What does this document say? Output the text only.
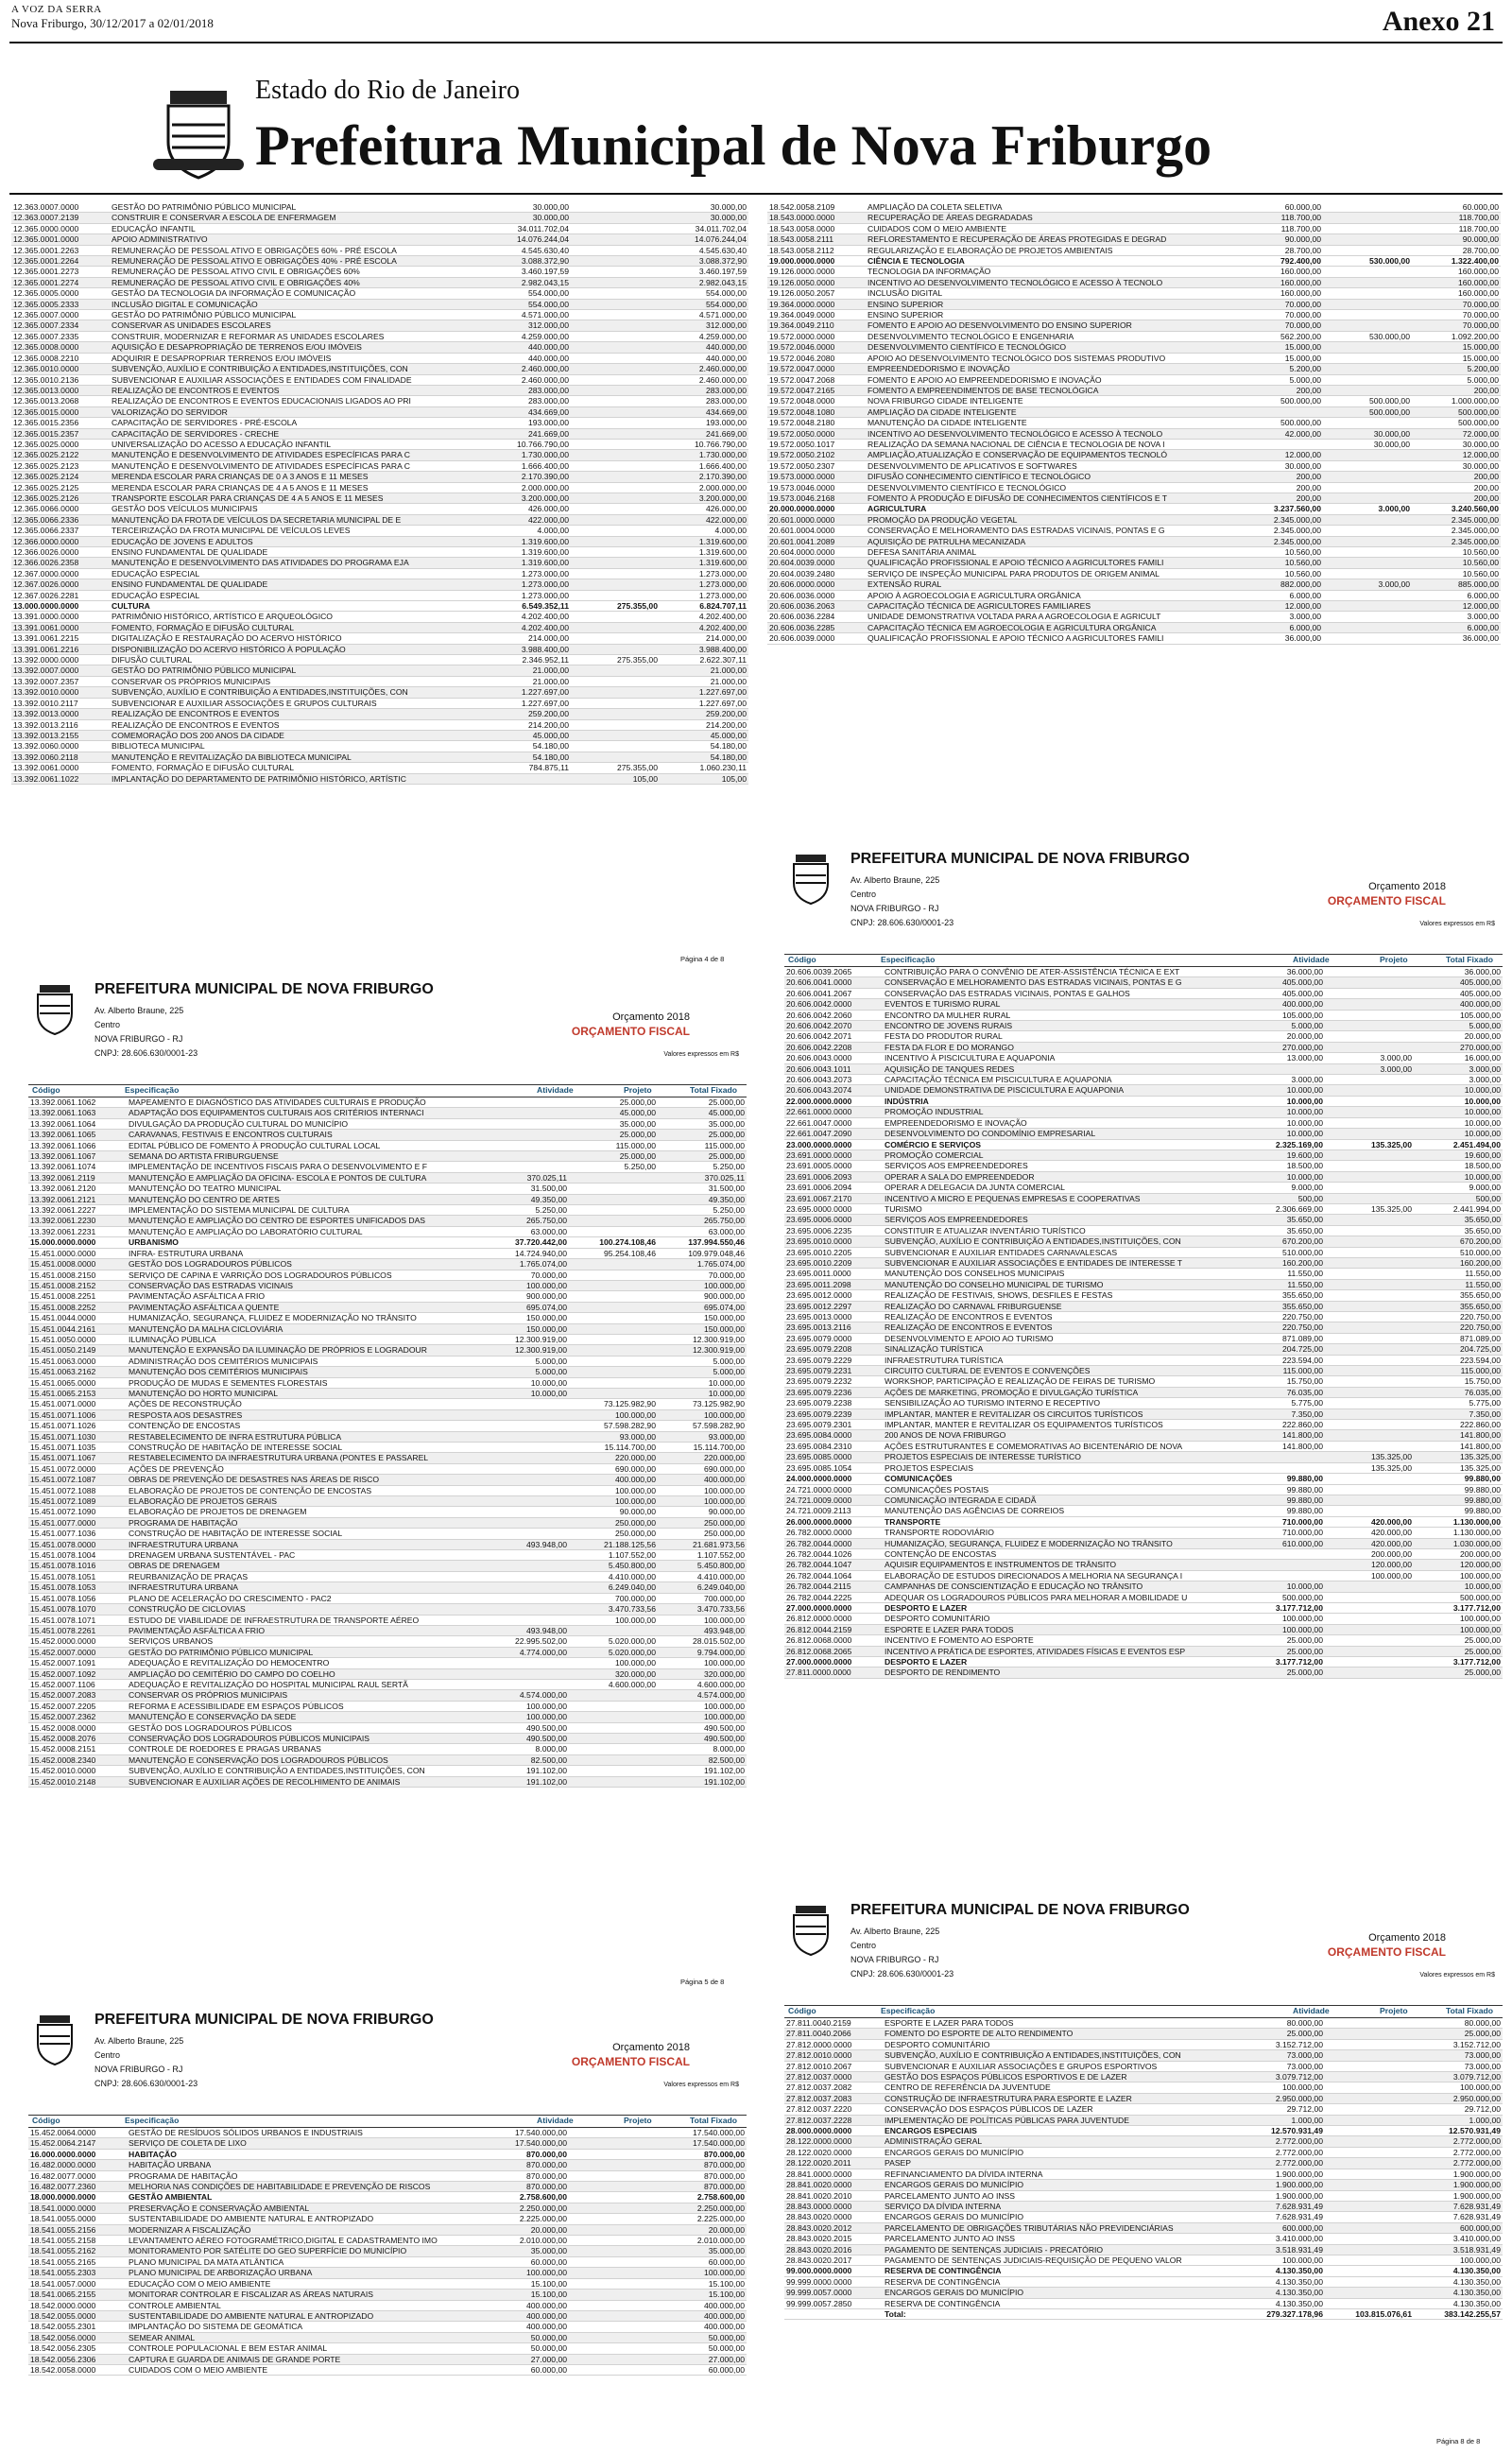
A VOZ DA SERRA
Nova Friburgo, 30/12/2017 a 02/01/2018	Anexo 21
Estado do Rio de Janeiro
Prefeitura Municipal de Nova Friburgo
12.363.0007.0000	GESTÃO DO PATRIMÔNIO PÚBLICO MUNICIPAL	30.000,00		30.000,00
12.363.0007.2139	CONSTRUIR E CONSERVAR A ESCOLA DE ENFERMAGEM	30.000,00		30.000,00
12.365.0000.0000	EDUCAÇÃO INFANTIL	34.011.702,04		34.011.702,04
12.365.0001.0000	APOIO ADMINISTRATIVO	14.076.244,04		14.076.244,04
12.365.0001.2263	REMUNERAÇÃO DE PESSOAL ATIVO E OBRIGAÇÕES 60% - PRÉ ESCOLA	4.545.630,40		4.545.630,40
12.365.0001.2264	REMUNERAÇÃO DE PESSOAL ATIVO E OBRIGAÇÕES 40% - PRÉ ESCOLA	3.088.372,90		3.088.372,90
12.365.0001.2273	REMUNERAÇÃO DE PESSOAL ATIVO CIVIL E OBRIGAÇÕES 60%	3.460.197,59		3.460.197,59
12.365.0001.2274	REMUNERAÇÃO DE PESSOAL ATIVO CIVIL E OBRIGAÇÕES 40%	2.982.043,15		2.982.043,15
12.365.0005.0000	GESTÃO DA TECNOLOGIA DA INFORMAÇÃO E COMUNICAÇÃO	554.000,00		554.000,00
12.365.0005.2333	INCLUSÃO DIGITAL E COMUNICAÇÃO	554.000,00		554.000,00
12.365.0007.0000	GESTÃO DO PATRIMÔNIO PÚBLICO MUNICIPAL	4.571.000,00		4.571.000,00
12.365.0007.2334	CONSERVAR AS UNIDADES ESCOLARES	312.000,00		312.000,00
12.365.0007.2335	CONSTRUIR, MODERNIZAR E REFORMAR AS UNIDADES ESCOLARES	4.259.000,00		4.259.000,00
12.365.0008.0000	AQUISIÇÃO E DESAPROPRIAÇÃO DE TERRENOS E/OU IMÓVEIS	440.000,00		440.000,00
12.365.0008.2210	ADQUIRIR E DESAPROPRIAR TERRENOS E/OU IMÓVEIS	440.000,00		440.000,00
12.365.0010.0000	SUBVENÇÃO, AUXÍLIO E CONTRIBUIÇÃO A ENTIDADES,INSTITUIÇÕES, CON	2.460.000,00		2.460.000,00
12.365.0010.2136	SUBVENCIONAR E AUXILIAR ASSOCIAÇÕES E ENTIDADES COM FINALIDADE	2.460.000,00		2.460.000,00
12.365.0013.0000	REALIZAÇÃO DE ENCONTROS E EVENTOS	283.000,00		283.000,00
12.365.0013.2068	REALIZAÇÃO DE ENCONTROS E EVENTOS EDUCACIONAIS LIGADOS AO PRI	283.000,00		283.000,00
12.365.0015.0000	VALORIZAÇÃO DO SERVIDOR	434.669,00		434.669,00
12.365.0015.2356	CAPACITAÇÃO DE SERVIDORES - PRÉ-ESCOLA	193.000,00		193.000,00
12.365.0015.2357	CAPACITAÇÃO DE SERVIDORES - CRECHE	241.669,00		241.669,00
12.365.0025.0000	UNIVERSALIZAÇÃO DO ACESSO A EDUCAÇÃO INFANTIL	10.766.790,00		10.766.790,00
12.365.0025.2122	MANUTENÇÃO E DESENVOLVIMENTO DE ATIVIDADES ESPECÍFICAS PARA C	1.730.000,00		1.730.000,00
12.365.0025.2123	MANUTENÇÃO E DESENVOLVIMENTO DE ATIVIDADES ESPECÍFICAS PARA C	1.666.400,00		1.666.400,00
12.365.0025.2124	MERENDA ESCOLAR PARA CRIANÇAS DE 0 A 3 ANOS E 11 MESES	2.170.390,00		2.170.390,00
12.365.0025.2125	MERENDA ESCOLAR PARA CRIANÇAS DE 4 A 5 ANOS E 11 MESES	2.000.000,00		2.000.000,00
12.365.0025.2126	TRANSPORTE ESCOLAR PARA CRIANÇAS DE 4 A 5 ANOS E 11 MESES	3.200.000,00		3.200.000,00
12.365.0066.0000	GESTÃO DOS VEÍCULOS MUNICIPAIS	426.000,00		426.000,00
12.365.0066.2336	MANUTENÇÃO DA FROTA DE VEÍCULOS DA SECRETARIA MUNICIPAL DE E	422.000,00		422.000,00
12.365.0066.2337	TERCEIRIZAÇÃO DA FROTA MUNICIPAL DE VEÍCULOS LEVES	4.000,00		4.000,00
12.366.0000.0000	EDUCAÇÃO DE JOVENS E ADULTOS	1.319.600,00		1.319.600,00
12.366.0026.0000	ENSINO FUNDAMENTAL DE QUALIDADE	1.319.600,00		1.319.600,00
12.366.0026.2358	MANUTENÇÃO E DESENVOLVIMENTO DAS ATIVIDADES DO PROGRAMA EJA	1.319.600,00		1.319.600,00
12.367.0000.0000	EDUCAÇÃO ESPECIAL	1.273.000,00		1.273.000,00
12.367.0026.0000	ENSINO FUNDAMENTAL DE QUALIDADE	1.273.000,00		1.273.000,00
12.367.0026.2281	EDUCAÇÃO ESPECIAL	1.273.000,00		1.273.000,00
13.000.0000.0000	CULTURA	6.549.352,11	275.355,00	6.824.707,11
13.391.0000.0000	PATRIMÔNIO HISTÓRICO, ARTÍSTICO E ARQUEOLÓGICO	4.202.400,00		4.202.400,00
13.391.0061.0000	FOMENTO, FORMAÇÃO E DIFUSÃO CULTURAL	4.202.400,00		4.202.400,00
13.391.0061.2215	DIGITALIZAÇÃO E RESTAURAÇÃO DO ACERVO HISTÓRICO	214.000,00		214.000,00
13.391.0061.2216	DISPONIBILIZAÇÃO DO ACERVO HISTÓRICO À POPULAÇÃO	3.988.400,00		3.988.400,00
13.392.0000.0000	DIFUSÃO CULTURAL	2.346.952,11	275.355,00	2.622.307,11
13.392.0007.0000	GESTÃO DO PATRIMÔNIO PÚBLICO MUNICIPAL	21.000,00		21.000,00
13.392.0007.2357	CONSERVAR OS PRÓPRIOS MUNICIPAIS	21.000,00		21.000,00
13.392.0010.0000	SUBVENÇÃO, AUXÍLIO E CONTRIBUIÇÃO A ENTIDADES,INSTITUIÇÕES, CON	1.227.697,00		1.227.697,00
13.392.0010.2117	SUBVENCIONAR E AUXILIAR ASSOCIAÇÕES E GRUPOS CULTURAIS	1.227.697,00		1.227.697,00
13.392.0013.0000	REALIZAÇÃO DE ENCONTROS E EVENTOS	259.200,00		259.200,00
13.392.0013.2116	REALIZAÇÃO DE ENCONTROS E EVENTOS	214.200,00		214.200,00
13.392.0013.2155	COMEMORAÇÃO DOS 200 ANOS DA CIDADE	45.000,00		45.000,00
13.392.0060.0000	BIBLIOTECA MUNICIPAL	54.180,00		54.180,00
13.392.0060.2118	MANUTENÇÃO E REVITALIZAÇÃO DA BIBLIOTECA MUNICIPAL	54.180,00		54.180,00
13.392.0061.0000	FOMENTO, FORMAÇÃO E DIFUSÃO CULTURAL	784.875,11	275.355,00	1.060.230,11
13.392.0061.1022	IMPLANTAÇÃO DO DEPARTAMENTO DE PATRIMÔNIO HISTÓRICO, ARTÍSTIC		105,00	105,00
Página 4 de 8
PREFEITURA MUNICIPAL DE NOVA FRIBURGO
Av. Alberto Braune, 225
Centro
NOVA FRIBURGO - RJ
CNPJ: 28.606.630/0001-23
Orçamento 2018
ORÇAMENTO FISCAL
Valores expressos em R$
Código	Especificação	Atividade	Projeto	Total Fixado
13.392.0061.1062	MAPEAMENTO E DIAGNÓSTICO DAS ATIVIDADES CULTURAIS E PRODUÇÃO		25.000,00	25.000,00
13.392.0061.1063	ADAPTAÇÃO DOS EQUIPAMENTOS CULTURAIS AOS CRITÉRIOS INTERNACI		45.000,00	45.000,00
13.392.0061.1064	DIVULGAÇÃO DA PRODUÇÃO CULTURAL DO MUNICÍPIO		35.000,00	35.000,00
13.392.0061.1065	CARAVANAS, FESTIVAIS E ENCONTROS CULTURAIS		25.000,00	25.000,00
13.392.0061.1066	EDITAL PÚBLICO DE FOMENTO À PRODUÇÃO CULTURAL LOCAL		115.000,00	115.000,00
13.392.0061.1067	SEMANA DO ARTISTA FRIBURGUENSE		25.000,00	25.000,00
13.392.0061.1074	IMPLEMENTAÇÃO DE INCENTIVOS FISCAIS PARA O DESENVOLVIMENTO E F		5.250,00	5.250,00
13.392.0061.2119	MANUTENÇÃO E AMPLIAÇÃO DA OFICINA- ESCOLA E PONTOS DE CULTURA	370.025,11		370.025,11
13.392.0061.2120	MANUTENÇÃO DO TEATRO MUNICIPAL	31.500,00		31.500,00
13.392.0061.2121	MANUTENÇÃO DO CENTRO DE ARTES	49.350,00		49.350,00
13.392.0061.2227	IMPLEMENTAÇÃO DO SISTEMA MUNICIPAL DE CULTURA	5.250,00		5.250,00
13.392.0061.2230	MANUTENÇÃO E AMPLIAÇÃO DO CENTRO DE ESPORTES UNIFICADOS DAS	265.750,00		265.750,00
13.392.0061.2231	MANUTENÇÃO E AMPLIAÇÃO DO LABORATÓRIO CULTURAL	63.000,00		63.000,00
15.000.0000.0000	URBANISMO	37.720.442,00	100.274.108,46	137.994.550,46
15.451.0000.0000	INFRA- ESTRUTURA URBANA	14.724.940,00	95.254.108,46	109.979.048,46
15.451.0008.0000	GESTÃO DOS LOGRADOUROS PÚBLICOS	1.765.074,00		1.765.074,00
15.451.0008.2150	SERVIÇO DE CAPINA E VARRIÇÃO DOS LOGRADOUROS PÚBLICOS	70.000,00		70.000,00
15.451.0008.2152	CONSERVAÇÃO DAS ESTRADAS VICINAIS	100.000,00		100.000,00
15.451.0008.2251	PAVIMENTAÇÃO ASFÁLTICA A FRIO	900.000,00		900.000,00
15.451.0008.2252	PAVIMENTAÇÃO ASFÁLTICA A QUENTE	695.074,00		695.074,00
15.451.0044.0000	HUMANIZAÇÃO, SEGURANÇA, FLUIDEZ E MODERNIZAÇÃO NO TRÂNSITO	150.000,00		150.000,00
15.451.0044.2161	MANUTENÇÃO DA MALHA CICLOVIÁRIA	150.000,00		150.000,00
15.451.0050.0000	ILUMINAÇÃO PÚBLICA	12.300.919,00		12.300.919,00
15.451.0050.2149	MANUTENÇÃO E EXPANSÃO DA ILUMINAÇÃO DE PRÓPRIOS E LOGRADOUR	12.300.919,00		12.300.919,00
15.451.0063.0000	ADMINISTRAÇÃO DOS CEMITÉRIOS MUNICIPAIS	5.000,00		5.000,00
15.451.0063.2162	MANUTENÇÃO DOS CEMITÉRIOS MUNICIPAIS	5.000,00		5.000,00
15.451.0065.0000	PRODUÇÃO DE MUDAS E SEMENTES FLORESTAIS	10.000,00		10.000,00
15.451.0065.2153	MANUTENÇÃO DO HORTO MUNICIPAL	10.000,00		10.000,00
15.451.0071.0000	AÇÕES DE RECONSTRUÇÃO		73.125.982,90	73.125.982,90
15.451.0071.1006	RESPOSTA AOS DESASTRES		100.000,00	100.000,00
15.451.0071.1026	CONTENÇÃO DE ENCOSTAS		57.598.282,90	57.598.282,90
15.451.0071.1030	RESTABELECIMENTO DE INFRA ESTRUTURA PÚBLICA		93.000,00	93.000,00
15.451.0071.1035	CONSTRUÇÃO DE HABITAÇÃO DE INTERESSE SOCIAL		15.114.700,00	15.114.700,00
15.451.0071.1067	RESTABELECIMENTO DA INFRAESTRUTURA URBANA (PONTES E PASSAREL		220.000,00	220.000,00
15.451.0072.0000	AÇÕES DE PREVENÇÃO		690.000,00	690.000,00
15.451.0072.1087	OBRAS DE PREVENÇÃO DE DESASTRES NAS ÁREAS DE RISCO		400.000,00	400.000,00
15.451.0072.1088	ELABORAÇÃO DE PROJETOS DE CONTENÇÃO DE ENCOSTAS		100.000,00	100.000,00
15.451.0072.1089	ELABORAÇÃO DE PROJETOS GERAIS		100.000,00	100.000,00
15.451.0072.1090	ELABORAÇÃO DE PROJETOS DE DRENAGEM		90.000,00	90.000,00
15.451.0077.0000	PROGRAMA DE HABITAÇÃO		250.000,00	250.000,00
15.451.0077.1036	CONSTRUÇÃO DE HABITAÇÃO DE INTERESSE SOCIAL		250.000,00	250.000,00
15.451.0078.0000	INFRAESTRUTURA URBANA	493.948,00	21.188.125,56	21.681.973,56
15.451.0078.1004	DRENAGEM URBANA SUSTENTÁVEL - PAC		1.107.552,00	1.107.552,00
15.451.0078.1016	OBRAS DE DRENAGEM		5.450.800,00	5.450.800,00
15.451.0078.1051	REURBANIZAÇÃO DE PRAÇAS		4.410.000,00	4.410.000,00
15.451.0078.1053	INFRAESTRUTURA URBANA		6.249.040,00	6.249.040,00
15.451.0078.1056	PLANO DE ACELERAÇÃO DO CRESCIMENTO - PAC2		700.000,00	700.000,00
15.451.0078.1070	CONSTRUÇÃO DE CICLOVIAS		3.470.733,56	3.470.733,56
15.451.0078.1071	ESTUDO DE VIABILIDADE DE INFRAESTRUTURA DE TRANSPORTE AÉREO		100.000,00	100.000,00
15.451.0078.2261	PAVIMENTAÇÃO ASFÁLTICA A FRIO	493.948,00		493.948,00
15.452.0000.0000	SERVIÇOS URBANOS	22.995.502,00	5.020.000,00	28.015.502,00
15.452.0007.0000	GESTÃO DO PATRIMÔNIO PÚBLICO MUNICIPAL	4.774.000,00	5.020.000,00	9.794.000,00
15.452.0007.1091	ADEQUAÇÃO E REVITALIZAÇÃO DO HEMOCENTRO		100.000,00	100.000,00
15.452.0007.1092	AMPLIAÇÃO DO CEMITÉRIO DO CAMPO DO COELHO		320.000,00	320.000,00
15.452.0007.1106	ADEQUAÇÃO E REVITALIZAÇÃO DO HOSPITAL MUNICIPAL RAUL SERTÃ		4.600.000,00	4.600.000,00
15.452.0007.2083	CONSERVAR OS PRÓPRIOS MUNICIPAIS	4.574.000,00		4.574.000,00
15.452.0007.2205	REFORMA E ACESSIBILIDADE EM ESPAÇOS PÚBLICOS	100.000,00		100.000,00
15.452.0007.2362	MANUTENÇÃO E CONSERVAÇÃO DA SEDE	100.000,00		100.000,00
15.452.0008.0000	GESTÃO DOS LOGRADOUROS PÚBLICOS	490.500,00		490.500,00
15.452.0008.2076	CONSERVAÇÃO DOS LOGRADOUROS PÚBLICOS MUNICIPAIS	490.500,00		490.500,00
15.452.0008.2151	CONTROLE DE ROEDORES E PRAGAS URBANAS	8.000,00		8.000,00
15.452.0008.2340	MANUTENÇÃO E CONSERVAÇÃO DOS LOGRADOUROS PÚBLICOS	82.500,00		82.500,00
15.452.0010.0000	SUBVENÇÃO, AUXÍLIO E CONTRIBUIÇÃO A ENTIDADES,INSTITUIÇÕES, CON	191.102,00		191.102,00
15.452.0010.2148	SUBVENCIONAR E AUXILIAR AÇÕES DE RECOLHIMENTO DE ANIMAIS	191.102,00		191.102,00
Página 5 de 8
PREFEITURA MUNICIPAL DE NOVA FRIBURGO
Av. Alberto Braune, 225
Centro
NOVA FRIBURGO - RJ
CNPJ: 28.606.630/0001-23
Orçamento 2018
ORÇAMENTO FISCAL
Valores expressos em R$
Código	Especificação	Atividade	Projeto	Total Fixado
15.452.0064.0000	GESTÃO DE RESÍDUOS SÓLIDOS URBANOS E INDUSTRIAIS	17.540.000,00		17.540.000,00
15.452.0064.2147	SERVIÇO DE COLETA DE LIXO	17.540.000,00		17.540.000,00
16.000.0000.0000	HABITAÇÃO	870.000,00		870.000,00
16.482.0000.0000	HABITAÇÃO URBANA	870.000,00		870.000,00
16.482.0077.0000	PROGRAMA DE HABITAÇÃO	870.000,00		870.000,00
16.482.0077.2360	MELHORIA NAS CONDIÇÕES DE HABITABILIDADE E PREVENÇÃO DE RISCOS	870.000,00		870.000,00
18.000.0000.0000	GESTÃO AMBIENTAL	2.758.600,00		2.758.600,00
18.541.0000.0000	PRESERVAÇÃO E CONSERVAÇÃO AMBIENTAL	2.250.000,00		2.250.000,00
18.541.0055.0000	SUSTENTABILIDADE DO AMBIENTE NATURAL E ANTROPIZADO	2.225.000,00		2.225.000,00
18.541.0055.2156	MODERNIZAR A FISCALIZAÇÃO	20.000,00		20.000,00
18.541.0055.2158	LEVANTAMENTO AÉREO FOTOGRAMÉTRICO,DIGITAL E CADASTRAMENTO IMO	2.010.000,00		2.010.000,00
18.541.0055.2162	MONITORAMENTO POR SATÉLITE DO GEO SUPERFÍCIE DO MUNICÍPIO	35.000,00		35.000,00
18.541.0055.2165	PLANO MUNICIPAL DA MATA ATLÂNTICA	60.000,00		60.000,00
18.541.0055.2303	PLANO MUNICIPAL DE ARBORIZAÇÃO URBANA	100.000,00		100.000,00
18.541.0057.0000	EDUCAÇÃO COM O MEIO AMBIENTE	15.100,00		15.100,00
18.541.0065.2155	MONITORAR CONTROLAR E FISCALIZAR AS ÁREAS NATURAIS	15.100,00		15.100,00
18.542.0000.0000	CONTROLE AMBIENTAL	400.000,00		400.000,00
18.542.0055.0000	SUSTENTABILIDADE DO AMBIENTE NATURAL E ANTROPIZADO	400.000,00		400.000,00
18.542.0055.2301	IMPLANTAÇÃO DO SISTEMA DE GEOMÁTICA	400.000,00		400.000,00
18.542.0056.0000	SEMEAR ANIMAL	50.000,00		50.000,00
18.542.0056.2305	CONTROLE POPULACIONAL E BEM ESTAR ANIMAL	50.000,00		50.000,00
18.542.0056.2306	CAPTURA E GUARDA DE ANIMAIS DE GRANDE PORTE	27.000,00		27.000,00
18.542.0058.0000	CUIDADOS COM O MEIO AMBIENTE	60.000,00		60.000,00
18.542.0058.2109	AMPLIAÇÃO DA COLETA SELETIVA	60.000,00		60.000,00
18.543.0000.0000	RECUPERAÇÃO DE ÁREAS DEGRADADAS	118.700,00		118.700,00
18.543.0058.0000	CUIDADOS COM O MEIO AMBIENTE	118.700,00		118.700,00
18.543.0058.2111	REFLORESTAMENTO E RECUPERAÇÃO DE ÁREAS PROTEGIDAS E DEGRAD	90.000,00		90.000,00
18.543.0058.2112	REGULARIZAÇÃO E ELABORAÇÃO DE PROJETOS AMBIENTAIS	28.700,00		28.700,00
19.000.0000.0000	CIÊNCIA E TECNOLOGIA	792.400,00	530.000,00	1.322.400,00
19.126.0000.0000	TECNOLOGIA DA INFORMAÇÃO	160.000,00		160.000,00
19.126.0050.0000	INCENTIVO AO DESENVOLVIMENTO TECNOLÓGICO E ACESSO À TECNOLO	160.000,00		160.000,00
19.126.0050.2057	INCLUSÃO DIGITAL	160.000,00		160.000,00
19.364.0000.0000	ENSINO SUPERIOR	70.000,00		70.000,00
19.364.0049.0000	ENSINO SUPERIOR	70.000,00		70.000,00
19.364.0049.2110	FOMENTO E APOIO AO DESENVOLVIMENTO DO ENSINO SUPERIOR	70.000,00		70.000,00
19.572.0000.0000	DESENVOLVIMENTO TECNOLÓGICO E ENGENHARIA	562.200,00	530.000,00	1.092.200,00
19.572.0046.0000	DESENVOLVIMENTO CIENTÍFICO E TECNOLÓGICO	15.000,00		15.000,00
19.572.0046.2080	APOIO AO DESENVOLVIMENTO TECNOLÓGICO DOS SISTEMAS PRODUTIVO	15.000,00		15.000,00
19.572.0047.0000	EMPREENDEDORISMO E INOVAÇÃO	5.200,00		5.200,00
19.572.0047.2068	FOMENTO E APOIO AO EMPREENDEDORISMO E INOVAÇÃO	5.000,00		5.000,00
19.572.0047.2165	FOMENTO A EMPREENDIMENTOS DE BASE TECNOLÓGICA	200,00		200,00
19.572.0048.0000	NOVA FRIBURGO CIDADE INTELIGENTE	500.000,00	500.000,00	1.000.000,00
19.572.0048.1080	AMPLIAÇÃO DA CIDADE INTELIGENTE		500.000,00	500.000,00
19.572.0048.2180	MANUTENÇÃO DA CIDADE INTELIGENTE	500.000,00		500.000,00
19.572.0050.0000	INCENTIVO AO DESENVOLVIMENTO TECNOLÓGICO E ACESSO À TECNOLO	42.000,00	30.000,00	72.000,00
19.572.0050.1017	REALIZAÇÃO DA SEMANA NACIONAL DE CIÊNCIA E TECNOLOGIA DE NOVA I		30.000,00	30.000,00
19.572.0050.2102	AMPLIAÇÃO,ATUALIZAÇÃO E CONSERVAÇÃO DE EQUIPAMENTOS TECNOLÓ	12.000,00		12.000,00
19.572.0050.2307	DESENVOLVIMENTO DE APLICATIVOS E SOFTWARES	30.000,00		30.000,00
19.573.0000.0000	DIFUSÃO CONHECIMENTO CIENTÍFICO E TECNOLÓGICO	200,00		200,00
19.573.0046.0000	DESENVOLVIMENTO CIENTÍFICO E TECNOLÓGICO	200,00		200,00
19.573.0046.2168	FOMENTO À PRODUÇÃO E DIFUSÃO DE CONHECIMENTOS CIENTÍFICOS E T	200,00		200,00
20.000.0000.0000	AGRICULTURA	3.237.560,00	3.000,00	3.240.560,00
20.601.0000.0000	PROMOÇÃO DA PRODUÇÃO VEGETAL	2.345.000,00		2.345.000,00
20.601.0004.0000	CONSERVAÇÃO E MELHORAMENTO DAS ESTRADAS VICINAIS, PONTAS E G	2.345.000,00		2.345.000,00
20.601.0041.2089	AQUISIÇÃO DE PATRULHA MECANIZADA	2.345.000,00		2.345.000,00
20.604.0000.0000	DEFESA SANITÁRIA ANIMAL	10.560,00		10.560,00
20.604.0039.0000	QUALIFICAÇÃO PROFISSIONAL E APOIO TÉCNICO A AGRICULTORES FAMILI	10.560,00		10.560,00
20.604.0039.2480	SERVIÇO DE INSPEÇÃO MUNICIPAL PARA PRODUTOS DE ORIGEM ANIMAL	10.560,00		10.560,00
20.606.0000.0000	EXTENSÃO RURAL	882.000,00	3.000,00	885.000,00
20.606.0036.0000	APOIO À AGROECOLOGIA E AGRICULTURA ORGÂNICA	6.000,00		6.000,00
20.606.0036.2063	CAPACITAÇÃO TÉCNICA DE AGRICULTORES FAMILIARES	12.000,00		12.000,00
20.606.0036.2284	UNIDADE DEMONSTRATIVA VOLTADA PARA A AGROECOLOGIA E AGRICULT	3.000,00		3.000,00
20.606.0036.2285	CAPACITAÇÃO TÉCNICA EM AGROECOLOGIA E AGRICULTURA ORGÂNICA	6.000,00		6.000,00
20.606.0039.0000	QUALIFICAÇÃO PROFISSIONAL E APOIO TÉCNICO A AGRICULTORES FAMILI	36.000,00		36.000,00
PREFEITURA MUNICIPAL DE NOVA FRIBURGO
Av. Alberto Braune, 225
Centro
NOVA FRIBURGO - RJ
CNPJ: 28.606.630/0001-23
Orçamento 2018
ORÇAMENTO FISCAL
Valores expressos em R$
Código	Especificação	Atividade	Projeto	Total Fixado
20.606.0039.2065	CONTRIBUIÇÃO PARA O CONVÊNIO DE ATER-ASSISTÊNCIA TÉCNICA E EXT	36.000,00		36.000,00
20.606.0041.0000	CONSERVAÇÃO E MELHORAMENTO DAS ESTRADAS VICINAIS, PONTAS E G	405.000,00		405.000,00
20.606.0041.2067	CONSERVAÇÃO DAS ESTRADAS VICINAIS, PONTAS E GALHOS	405.000,00		405.000,00
20.606.0042.0000	EVENTOS E TURISMO RURAL	400.000,00		400.000,00
20.606.0042.2060	ENCONTRO DA MULHER RURAL	105.000,00		105.000,00
20.606.0042.2070	ENCONTRO DE JOVENS RURAIS	5.000,00		5.000,00
20.606.0042.2071	FESTA DO PRODUTOR RURAL	20.000,00		20.000,00
20.606.0042.2208	FESTA DA FLOR E DO MORANGO	270.000,00		270.000,00
20.606.0043.0000	INCENTIVO À PISCICULTURA E AQUAPONIA	13.000,00	3.000,00	16.000,00
20.606.0043.1011	AQUISIÇÃO DE TANQUES REDES		3.000,00	3.000,00
20.606.0043.2073	CAPACITAÇÃO TÉCNICA EM PISCICULTURA E AQUAPONIA	3.000,00		3.000,00
20.606.0043.2074	UNIDADE DEMONSTRATIVA DE PISCICULTURA E AQUAPONIA	10.000,00		10.000,00
22.000.0000.0000	INDÚSTRIA	10.000,00		10.000,00
22.661.0000.0000	PROMOÇÃO INDUSTRIAL	10.000,00		10.000,00
22.661.0047.0000	EMPREENDEDORISMO E INOVAÇÃO	10.000,00		10.000,00
22.661.0047.2090	DESENVOLVIMENTO DO CONDOMÍNIO EMPRESARIAL	10.000,00		10.000,00
23.000.0000.0000	COMÉRCIO E SERVIÇOS	2.325.169,00	135.325,00	2.451.494,00
23.691.0000.0000	PROMOÇÃO COMERCIAL	19.600,00		19.600,00
23.691.0005.0000	SERVIÇOS AOS EMPREENDEDORES	18.500,00		18.500,00
23.691.0006.2093	OPERAR A SALA DO EMPREENDEDOR	10.000,00		10.000,00
23.691.0006.2094	OPERAR A DELEGACIA DA JUNTA COMERCIAL	9.000,00		9.000,00
23.691.0067.2170	INCENTIVO A MICRO E PEQUENAS EMPRESAS E COOPERATIVAS	500,00		500,00
23.695.0000.0000	TURISMO	2.306.669,00	135.325,00	2.441.994,00
23.695.0006.0000	SERVIÇOS AOS EMPREENDEDORES	35.650,00		35.650,00
23.695.0006.2235	CONSTITUIR E ATUALIZAR INVENTÁRIO TURÍSTICO	35.650,00		35.650,00
23.695.0010.0000	SUBVENÇÃO, AUXÍLIO E CONTRIBUIÇÃO A ENTIDADES,INSTITUIÇÕES, CON	670.200,00		670.200,00
23.695.0010.2205	SUBVENCIONAR E AUXILIAR ENTIDADES CARNAVALESCAS	510.000,00		510.000,00
23.695.0010.2209	SUBVENCIONAR E AUXILIAR ASSOCIAÇÕES E ENTIDADES DE INTERESSE T	160.200,00		160.200,00
23.695.0011.0000	MANUTENÇÃO DOS CONSELHOS MUNICIPAIS	11.550,00		11.550,00
23.695.0011.2098	MANUTENÇÃO DO CONSELHO MUNICIPAL DE TURISMO	11.550,00		11.550,00
23.695.0012.0000	REALIZAÇÃO DE FESTIVAIS, SHOWS, DESFILES E FESTAS	355.650,00		355.650,00
23.695.0012.2297	REALIZAÇÃO DO CARNAVAL FRIBURGUENSE	355.650,00		355.650,00
23.695.0013.0000	REALIZAÇÃO DE ENCONTROS E EVENTOS	220.750,00		220.750,00
23.695.0013.2116	REALIZAÇÃO DE ENCONTROS E EVENTOS	220.750,00		220.750,00
23.695.0079.0000	DESENVOLVIMENTO E APOIO AO TURISMO	871.089,00		871.089,00
23.695.0079.2208	SINALIZAÇÃO TURÍSTICA	204.725,00		204.725,00
23.695.0079.2229	INFRAESTRUTURA TURÍSTICA	223.594,00		223.594,00
23.695.0079.2231	CIRCUITO CULTURAL DE EVENTOS E CONVENÇÕES	115.000,00		115.000,00
23.695.0079.2232	WORKSHOP, PARTICIPAÇÃO E REALIZAÇÃO DE FEIRAS DE TURISMO	15.750,00		15.750,00
23.695.0079.2236	AÇÕES DE MARKETING, PROMOÇÃO E DIVULGAÇÃO TURÍSTICA	76.035,00		76.035,00
23.695.0079.2238	SENSIBILIZAÇÃO AO TURISMO INTERNO E RECEPTIVO	5.775,00		5.775,00
23.695.0079.2239	IMPLANTAR, MANTER E REVITALIZAR OS CIRCUITOS TURÍSTICOS	7.350,00		7.350,00
23.695.0079.2301	IMPLANTAR, MANTER E REVITALIZAR OS EQUIPAMENTOS TURÍSTICOS	222.860,00		222.860,00
23.695.0084.0000	200 ANOS DE NOVA FRIBURGO	141.800,00		141.800,00
23.695.0084.2310	AÇÕES ESTRUTURANTES E COMEMORATIVAS AO BICENTENÁRIO DE NOVA	141.800,00		141.800,00
23.695.0085.0000	PROJETOS ESPECIAIS DE INTERESSE TURÍSTICO		135.325,00	135.325,00
23.695.0085.1054	PROJETOS ESPECIAIS		135.325,00	135.325,00
24.000.0000.0000	COMUNICAÇÕES	99.880,00		99.880,00
24.721.0000.0000	COMUNICAÇÕES POSTAIS	99.880,00		99.880,00
24.721.0009.0000	COMUNICAÇÃO INTEGRADA E CIDADÃ	99.880,00		99.880,00
24.721.0009.2113	MANUTENÇÃO DAS AGÊNCIAS DE CORREIOS	99.880,00		99.880,00
26.000.0000.0000	TRANSPORTE	710.000,00	420.000,00	1.130.000,00
26.782.0000.0000	TRANSPORTE RODOVIÁRIO	710.000,00	420.000,00	1.130.000,00
26.782.0044.0000	HUMANIZAÇÃO, SEGURANÇA, FLUIDEZ E MODERNIZAÇÃO NO TRÂNSITO	610.000,00	420.000,00	1.030.000,00
26.782.0044.1026	CONTENÇÃO DE ENCOSTAS		200.000,00	200.000,00
26.782.0044.1047	AQUISIR EQUIPAMENTOS E INSTRUMENTOS DE TRÂNSITO		120.000,00	120.000,00
26.782.0044.1064	ELABORAÇÃO DE ESTUDOS DIRECIONADOS A MELHORIA NA SEGURANÇA I		100.000,00	100.000,00
26.782.0044.2115	CAMPANHAS DE CONSCIENTIZAÇÃO E EDUCAÇÃO NO TRÂNSITO	10.000,00		10.000,00
26.782.0044.2225	ADEQUAR OS LOGRADOUROS PÚBLICOS PARA MELHORAR A MOBILIDADE U	500.000,00		500.000,00
27.000.0000.0000	DESPORTO E LAZER	3.177.712,00		3.177.712,00
26.812.0000.0000	DESPORTO COMUNITÁRIO	100.000,00		100.000,00
26.812.0044.2159	ESPORTE E LAZER PARA TODOS	100.000,00		100.000,00
26.812.0068.0000	INCENTIVO E FOMENTO AO ESPORTE	25.000,00		25.000,00
26.812.0068.2065	INCENTIVO A PRÁTICA DE ESPORTES, ATIVIDADES FÍSICAS E EVENTOS ESP	25.000,00		25.000,00
27.000.0000.0000	DESPORTO E LAZER	3.177.712,00		3.177.712,00
27.811.0000.0000	DESPORTO DE RENDIMENTO	25.000,00		25.000,00
PREFEITURA MUNICIPAL DE NOVA FRIBURGO
Av. Alberto Braune, 225
Centro
NOVA FRIBURGO - RJ
CNPJ: 28.606.630/0001-23
Orçamento 2018
ORÇAMENTO FISCAL
Valores expressos em R$
Código	Especificação	Atividade	Projeto	Total Fixado
27.811.0040.2159	ESPORTE E LAZER PARA TODOS	80.000,00		80.000,00
27.811.0040.2066	FOMENTO DO ESPORTE DE ALTO RENDIMENTO	25.000,00		25.000,00
27.812.0000.0000	DESPORTO COMUNITÁRIO	3.152.712,00		3.152.712,00
27.812.0010.0000	SUBVENÇÃO, AUXÍLIO E CONTRIBUIÇÃO A ENTIDADES,INSTITUIÇÕES, CON	73.000,00		73.000,00
27.812.0010.2067	SUBVENCIONAR E AUXILIAR ASSOCIAÇÕES E GRUPOS ESPORTIVOS	73.000,00		73.000,00
27.812.0037.0000	GESTÃO DOS ESPAÇOS PÚBLICOS ESPORTIVOS E DE LAZER	3.079.712,00		3.079.712,00
27.812.0037.2082	CENTRO DE REFERÊNCIA DA JUVENTUDE	100.000,00		100.000,00
27.812.0037.2083	CONSTRUÇÃO DE INFRAESTRUTURA PARA ESPORTE E LAZER	2.950.000,00		2.950.000,00
27.812.0037.2220	CONSERVAÇÃO DOS ESPAÇOS PÚBLICOS DE LAZER	29.712,00		29.712,00
27.812.0037.2228	IMPLEMENTAÇÃO DE POLÍTICAS PÚBLICAS PARA JUVENTUDE	1.000,00		1.000,00
28.000.0000.0000	ENCARGOS ESPECIAIS	12.570.931,49		12.570.931,49
28.122.0000.0000	ADMINISTRAÇÃO GERAL	2.772.000,00		2.772.000,00
28.122.0020.0000	ENCARGOS GERAIS DO MUNICÍPIO	2.772.000,00		2.772.000,00
28.122.0020.2011	PASEP	2.772.000,00		2.772.000,00
28.841.0000.0000	REFINANCIAMENTO DA DÍVIDA INTERNA	1.900.000,00		1.900.000,00
28.841.0020.0000	ENCARGOS GERAIS DO MUNICÍPIO	1.900.000,00		1.900.000,00
28.841.0020.2010	PARCELAMENTO JUNTO AO INSS	1.900.000,00		1.900.000,00
28.843.0000.0000	SERVIÇO DA DÍVIDA INTERNA	7.628.931,49		7.628.931,49
28.843.0020.0000	ENCARGOS GERAIS DO MUNICÍPIO	7.628.931,49		7.628.931,49
28.843.0020.2012	PARCELAMENTO DE OBRIGAÇÕES TRIBUTÁRIAS NÃO PREVIDENCIÁRIAS	600.000,00		600.000,00
28.843.0020.2015	PARCELAMENTO JUNTO AO INSS	3.410.000,00		3.410.000,00
28.843.0020.2016	PAGAMENTO DE SENTENÇAS JUDICIAIS - PRECATÓRIO	3.518.931,49		3.518.931,49
28.843.0020.2017	PAGAMENTO DE SENTENÇAS JUDICIAIS-REQUISIÇÃO DE PEQUENO VALOR	100.000,00		100.000,00
99.000.0000.0000	RESERVA DE CONTINGÊNCIA	4.130.350,00		4.130.350,00
99.999.0000.0000	RESERVA DE CONTINGÊNCIA	4.130.350,00		4.130.350,00
99.999.0057.0000	ENCARGOS GERAIS DO MUNICÍPIO	4.130.350,00		4.130.350,00
99.999.0057.2850	RESERVA DE CONTINGÊNCIA	4.130.350,00		4.130.350,00
	Total:	279.327.178,96	103.815.076,61	383.142.255,57
Página 8 de 8
